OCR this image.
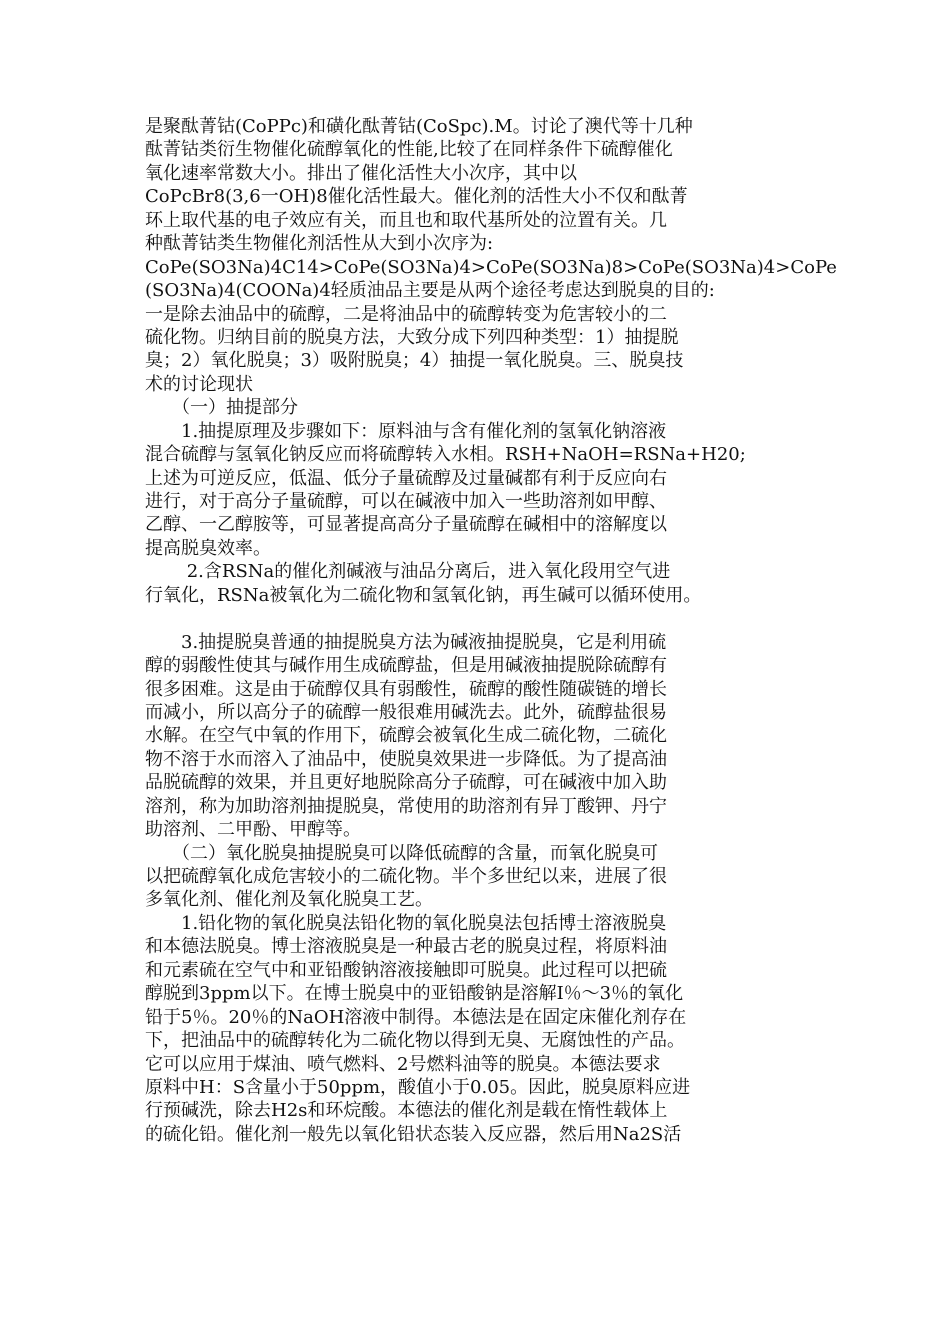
是聚酞菁钴(CoPPc)和磺化酞菁钴(CoSpc).M。讨论了澳代等十几种
酞菁钴类衍生物催化硫醇氧化的性能,比较了在同样条件下硫醇催化
氧化速率常数大小。排出了催化活性大小次序，其中以
CoPcBr8(3,6一OH)8催化活性最大。催化剂的活性大小不仅和酞菁
环上取代基的电子效应有关，而且也和取代基所处的泣置有关。几
种酞菁钴类生物催化剂活性从大到小次序为:
CoPe(SO3Na)4C14>CoPe(SO3Na)4>CoPe(SO3Na)8>CoPe(SO3Na)4>CoPe
(SO3Na)4(COONa)4轻质油品主要是从两个途径考虑达到脱臭的目的:
一是除去油品中的硫醇，二是将油品中的硫醇转变为危害较小的二
硫化物。归纳目前的脱臭方法，大致分成下列四种类型：1）抽提脱
臭；2）氧化脱臭；3）吸附脱臭；4）抽提一氧化脱臭。三、脱臭技
术的讨论现状
　　（一）抽提部分
　　1.抽提原理及步骤如下：原料油与含有催化剂的氢氧化钠溶液
混合硫醇与氢氧化钠反应而将硫醇转入水相。RSH+NaOH=RSNa+H20;
上述为可逆反应，低温、低分子量硫醇及过量碱都有利于反应向右
进行，对于高分子量硫醇，可以在碱液中加入一些助溶剂如甲醇、
乙醇、一乙醇胺等，可显著提高高分子量硫醇在碱相中的溶解度以
提高脱臭效率。
　　 2.含RSNa的催化剂碱液与油品分离后，进入氧化段用空气进
行氧化，RSNa被氧化为二硫化物和氢氧化钠，再生碱可以循环使用。
　　3.抽提脱臭普通的抽提脱臭方法为碱液抽提脱臭，它是利用硫
醇的弱酸性使其与碱作用生成硫醇盐，但是用碱液抽提脱除硫醇有
很多困难。这是由于硫醇仅具有弱酸性，硫醇的酸性随碳链的增长
而减小，所以高分子的硫醇一般很难用碱洗去。此外，硫醇盐很易
水解。在空气中氧的作用下，硫醇会被氧化生成二硫化物，二硫化
物不溶于水而溶入了油品中，使脱臭效果进一步降低。为了提高油
品脱硫醇的效果，并且更好地脱除高分子硫醇，可在碱液中加入助
溶剂，称为加助溶剂抽提脱臭，常使用的助溶剂有异丁酸钾、丹宁
助溶剂、二甲酚、甲醇等。
　　（二）氧化脱臭抽提脱臭可以降低硫醇的含量，而氧化脱臭可
以把硫醇氧化成危害较小的二硫化物。半个多世纪以来，进展了很
多氧化剂、催化剂及氧化脱臭工艺。
　　1.铅化物的氧化脱臭法铅化物的氧化脱臭法包括博士溶液脱臭
和本德法脱臭。博士溶液脱臭是一种最古老的脱臭过程，将原料油
和元素硫在空气中和亚铅酸钠溶液接触即可脱臭。此过程可以把硫
醇脱到3ppm以下。在博士脱臭中的亚铅酸钠是溶解I％～3％的氧化
铅于5％。20％的NaOH溶液中制得。本德法是在固定床催化剂存在
下，把油品中的硫醇转化为二硫化物以得到无臭、无腐蚀性的产品。
它可以应用于煤油、喷气燃料、2号燃料油等的脱臭。本德法要求
原料中H：S含量小于50ppm，酸值小于0.05。因此，脱臭原料应进
行预碱洗，除去H2s和环烷酸。本德法的催化剂是载在惰性载体上
的硫化铅。催化剂一般先以氧化铅状态装入反应器，然后用Na2S活
